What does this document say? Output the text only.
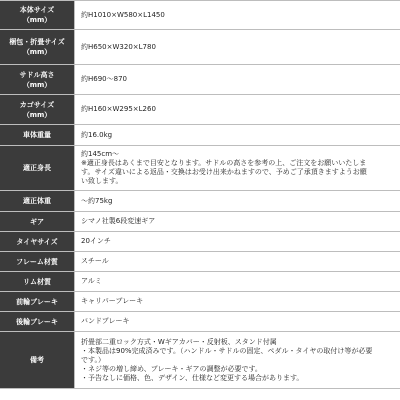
本体サイズ
（mm）	約H1010×W580×L1450
梱包・折畳サイズ
（mm）	約H650×W320×L780
サドル高さ
（mm）	約H690〜870
カゴサイズ
（mm）	約H160×W295×L260
車体重量	約16.0kg
適正身長	約145cm〜
※適正身長はあくまで目安となります。サドルの高さを参考の上、ご注文をお願いいたしま
す。サイズ違いによる返品・交換はお受け出来かねますので、予めご了承頂きますようお願
い致します。
適正体重	〜約75kg
ギア	シマノ社製6段変速ギア
タイヤサイズ	20インチ
フレーム材質	スチール
リム材質	アルミ
前輪ブレーキ	キャリパーブレーキ
後輪ブレーキ	バンドブレーキ
備考	折畳部二重ロック方式・Wギアカバー・反射板、スタンド付属
・本製品は90%完成済みです。（ハンドル・サドルの固定、ペダル・タイヤの取付け等が必要
です。）
・ネジ等の増し締め、ブレーキ・ギアの調整が必要です。
・予告なしに価格、色、デザイン、仕様など変更する場合があります。
